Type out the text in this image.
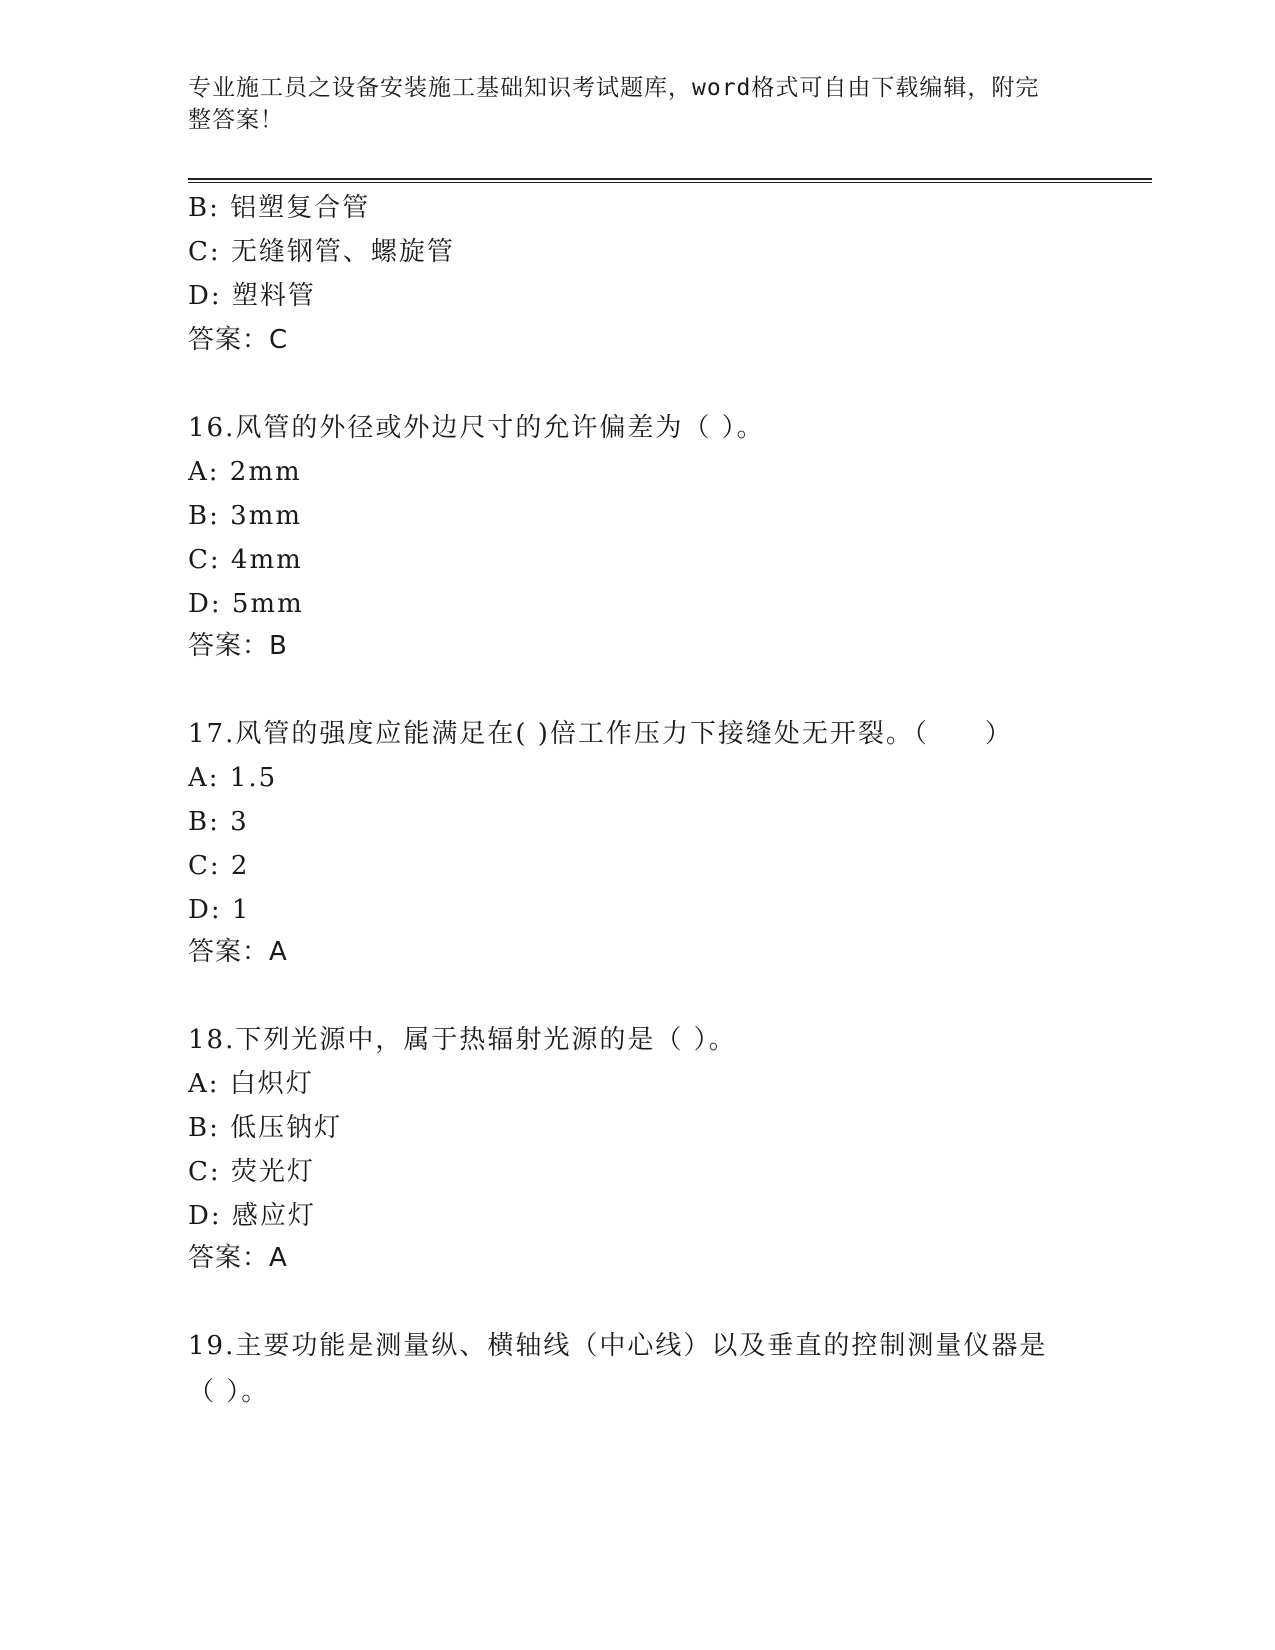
专业施工员之设备安装施工基础知识考试题库，word格式可自由下载编辑，附完
整答案！
B: 铝塑复合管
C: 无缝钢管、螺旋管
D: 塑料管
答案：C
16.风管的外径或外边尺寸的允许偏差为（ ）。
A: 2mm
B: 3mm
C: 4mm
D: 5mm
答案：B
17.风管的强度应能满足在( )倍工作压力下接缝处无开裂。（　　）
A: 1.5
B: 3
C: 2
D: 1
答案：A
18.下列光源中，属于热辐射光源的是（ ）。
A: 白炽灯
B: 低压钠灯
C: 荧光灯
D: 感应灯
答案：A
19.主要功能是测量纵、横轴线（中心线）以及垂直的控制测量仪器是
（ ）。
